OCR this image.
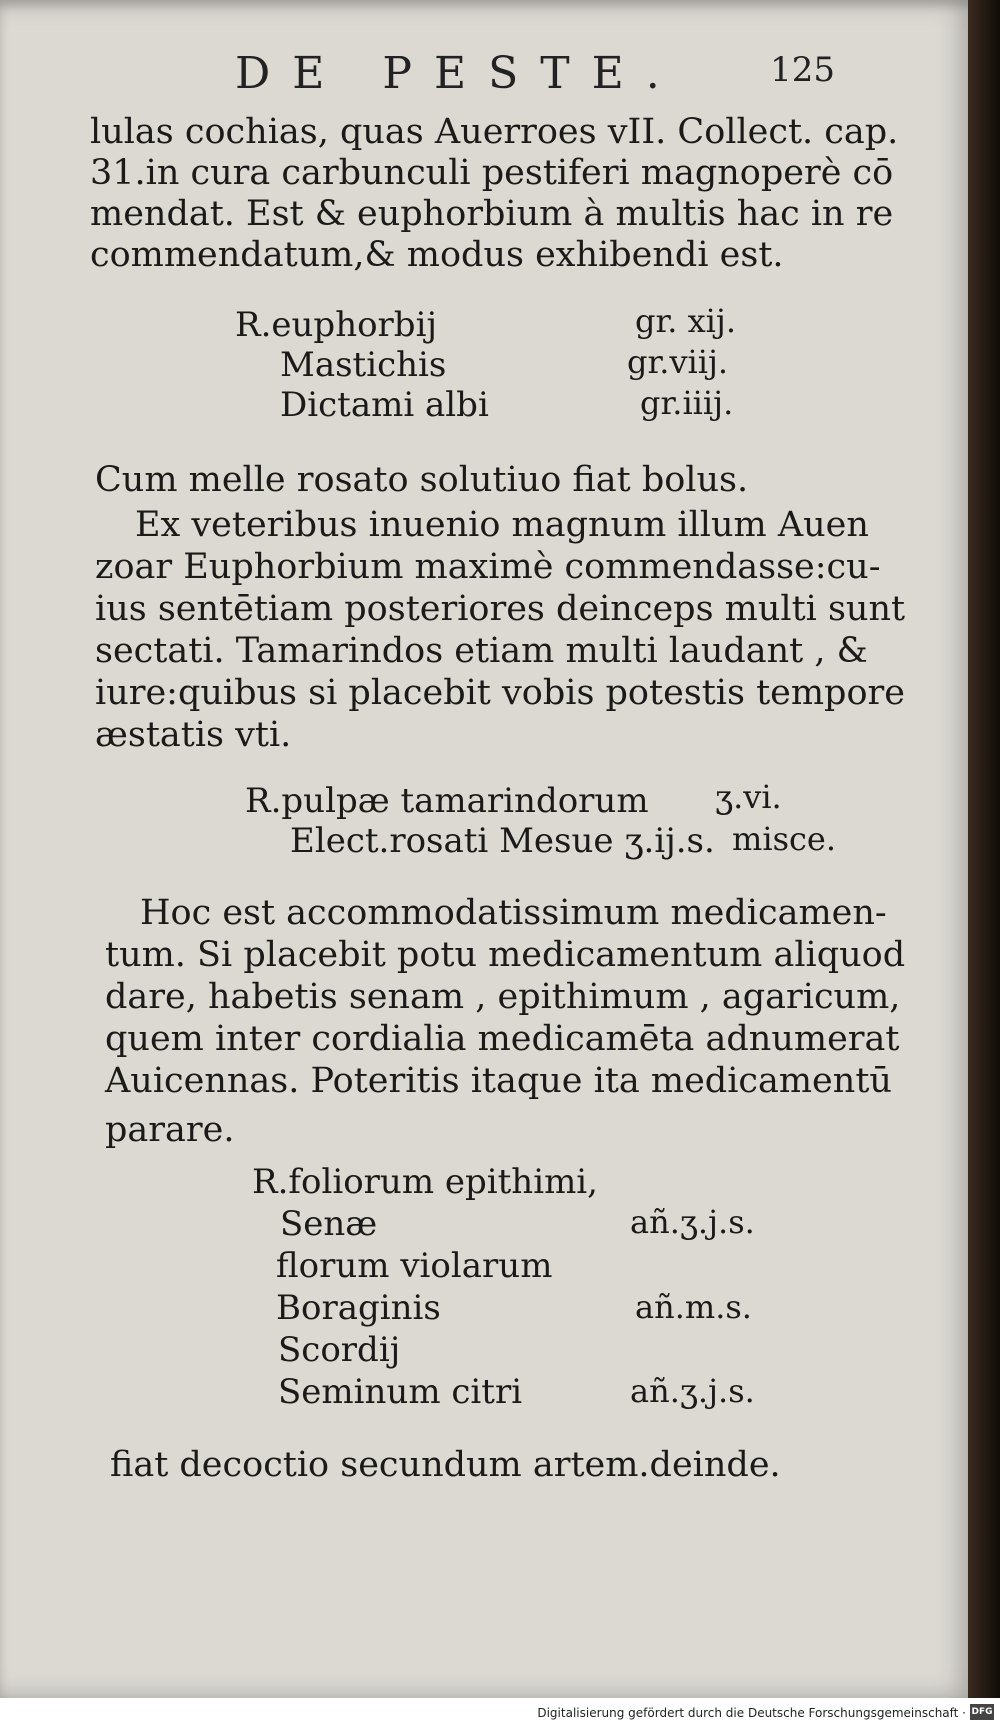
DE PESTE.	125
lulas cochias, quas Auerroes vII. Collect. cap.
31.in cura carbunculi pestiferi magnoperè cō
mendat. Est & euphorbium à multis hac in re
commendatum,& modus exhibendi est.
R.euphorbij	gr. xij.
Mastichis	gr.viij.
Dictami albi	gr.iiij.
Cum melle rosato solutiuo fiat bolus.
Ex veteribus inuenio magnum illum Auen
zoar Euphorbium maximè commendasse:cu-
ius sentētiam posteriores deinceps multi sunt
sectati. Tamarindos etiam multi laudant , &
iure:quibus si placebit vobis potestis tempore
æstatis vti.
R.pulpæ tamarindorum ʒ.vi.
Elect.rosati Mesue ʒ.ij.s. misce.
Hoc est accommodatissimum medicamen-
tum. Si placebit potu medicamentum aliquod
dare, habetis senam , epithimum , agaricum,
quem inter cordialia medicamēta adnumerat
Auicennas. Poteritis itaque ita medicamentū
parare.
R.foliorum epithimi,
Senæ	añ.ʒ.j.s.
florum violarum
Boraginis	añ.m.s.
Scordij
Seminum citri	añ.ʒ.j.s.
fiat decoctio secundum artem.deinde.
Digitalisierung gefördert durch die Deutsche Forschungsgemeinschaft · DFG
